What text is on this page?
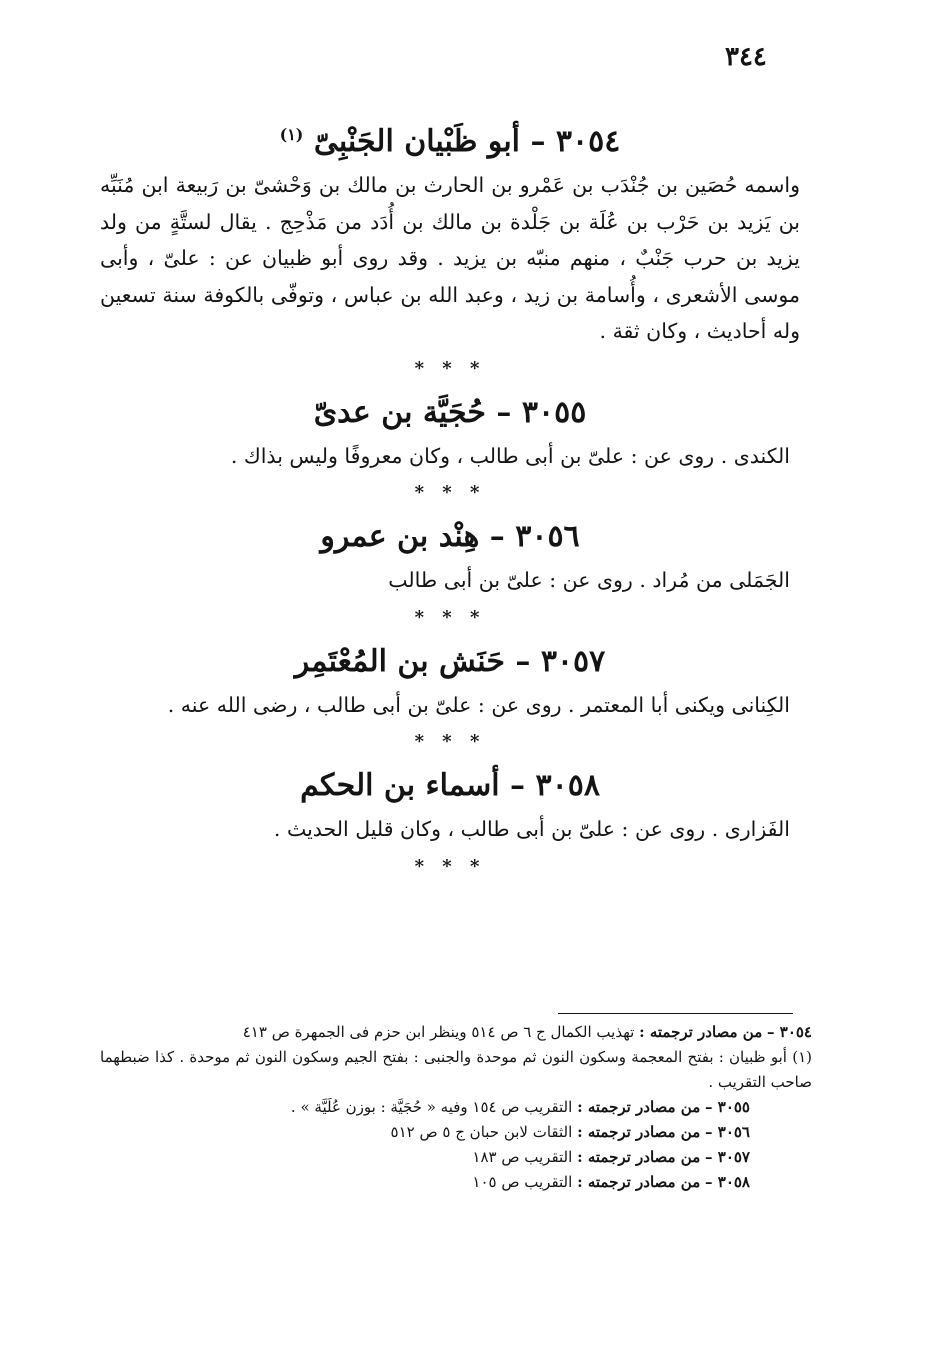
٣٤٤
٣٠٥٤ – أبو ظَبْيان الجَنْبِىّ $^{(١)}$

واسمه حُصَين بن جُنْدَب بن عَمْرو بن الحارث بن مالك بن وَحْشىّ بن رَبيعة ابن مُنَبِّه بن يَزيد بن حَرْب بن عُلَة بن جَلْدة بن مالك بن أُدَد من مَذْحِج . يقال لستَّةٍ من ولد يزيد بن حرب جَنْبٌ ، منهم منبّه بن يزيد . وقد روى أبو ظبيان عن : علىّ ، وأبى موسى الأشعرى ، وأُسامة بن زيد ، وعبد الله بن عباس ، وتوفّى بالكوفة سنة تسعين وله أحاديث ، وكان ثقة .

* * *
٣٠٥٥ – حُجَيَّة بن عدىّ

الكندى . روى عن : علىّ بن أبى طالب ، وكان معروفًا وليس بذاك .

* * *
٣٠٥٦ – هِنْد بن عمرو

الجَمَلى من مُراد . روى عن : علىّ بن أبى طالب

* * *
٣٠٥٧ – حَنَش بن المُعْتَمِر

الكِنانى ويكنى أبا المعتمر . روى عن : علىّ بن أبى طالب ، رضى الله عنه .

* * *
٣٠٥٨ – أسماء بن الحكم

الفَزارى . روى عن : علىّ بن أبى طالب ، وكان قليل الحديث .

* * *

٣٠٥٤ – من مصادر ترجمته : تهذيب الكمال ج ٦ ص ٥١٤ وينظر ابن حزم فى الجمهرة ص ٤١٣

(١) أبو ظبيان : بفتح المعجمة وسكون النون ثم موحدة والجنبى : بفتح الجيم وسكون النون ثم موحدة . كذا ضبطهما صاحب التقريب .

٣٠٥٥ – من مصادر ترجمته : التقريب ص ١٥٤ وفيه « حُجَيَّة : بوزن عُلَيَّة » .

٣٠٥٦ – من مصادر ترجمته : الثقات لابن حبان ج ٥ ص ٥١٢

٣٠٥٧ – من مصادر ترجمته : التقريب ص ١٨٣

٣٠٥٨ – من مصادر ترجمته : التقريب ص ١٠٥
